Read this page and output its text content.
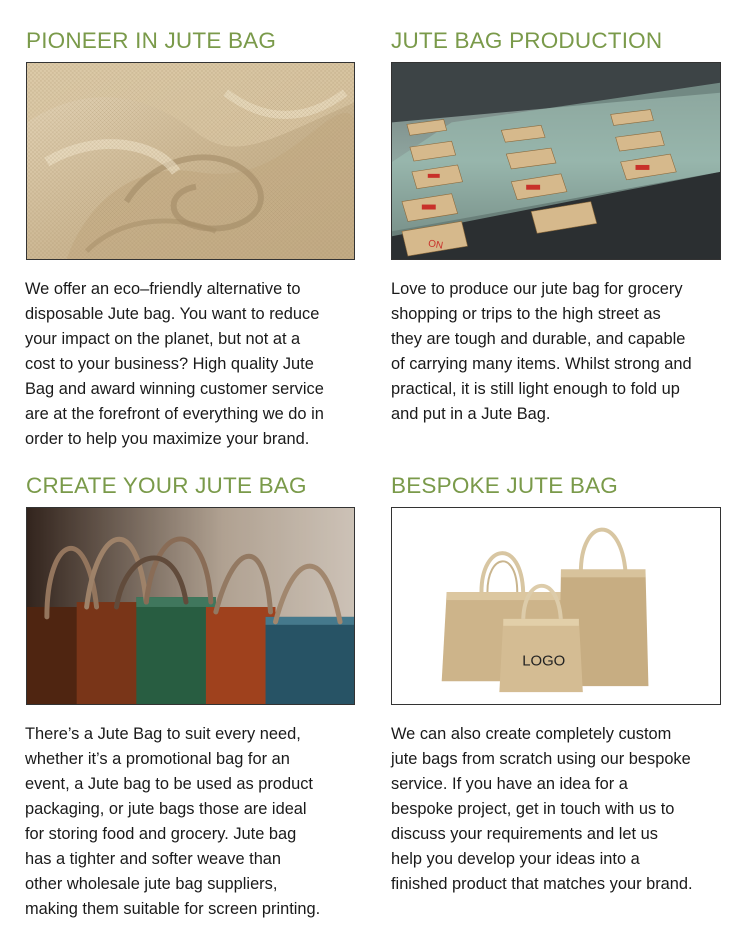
PIONEER IN JUTE BAG
We offer an eco–friendly alternative to
disposable Jute bag. You want to reduce
your impact on the planet, but not at a
cost to your business? High quality Jute
Bag and award winning customer service
are at the forefront of everything we do in
order to help you maximize your brand.
JUTE BAG PRODUCTION
ON
Love to produce our jute bag for grocery
shopping or trips to the high street as
they are tough and durable, and capable
of carrying many items. Whilst strong and
practical, it is still light enough to fold up
and put in a Jute Bag.
CREATE YOUR JUTE BAG
There’s a Jute Bag to suit every need,
whether it’s a promotional bag for an
event, a Jute bag to be used as product
packaging, or jute bags those are ideal
for storing food and grocery. Jute bag
has a tighter and softer weave than
other wholesale jute bag suppliers,
making them suitable for screen printing.
BESPOKE JUTE BAG
LOGO
We can also create completely custom
jute bags from scratch using our bespoke
service. If you have an idea for a
bespoke project, get in touch with us to
discuss your requirements and let us
help you develop your ideas into a
finished product that matches your brand.
